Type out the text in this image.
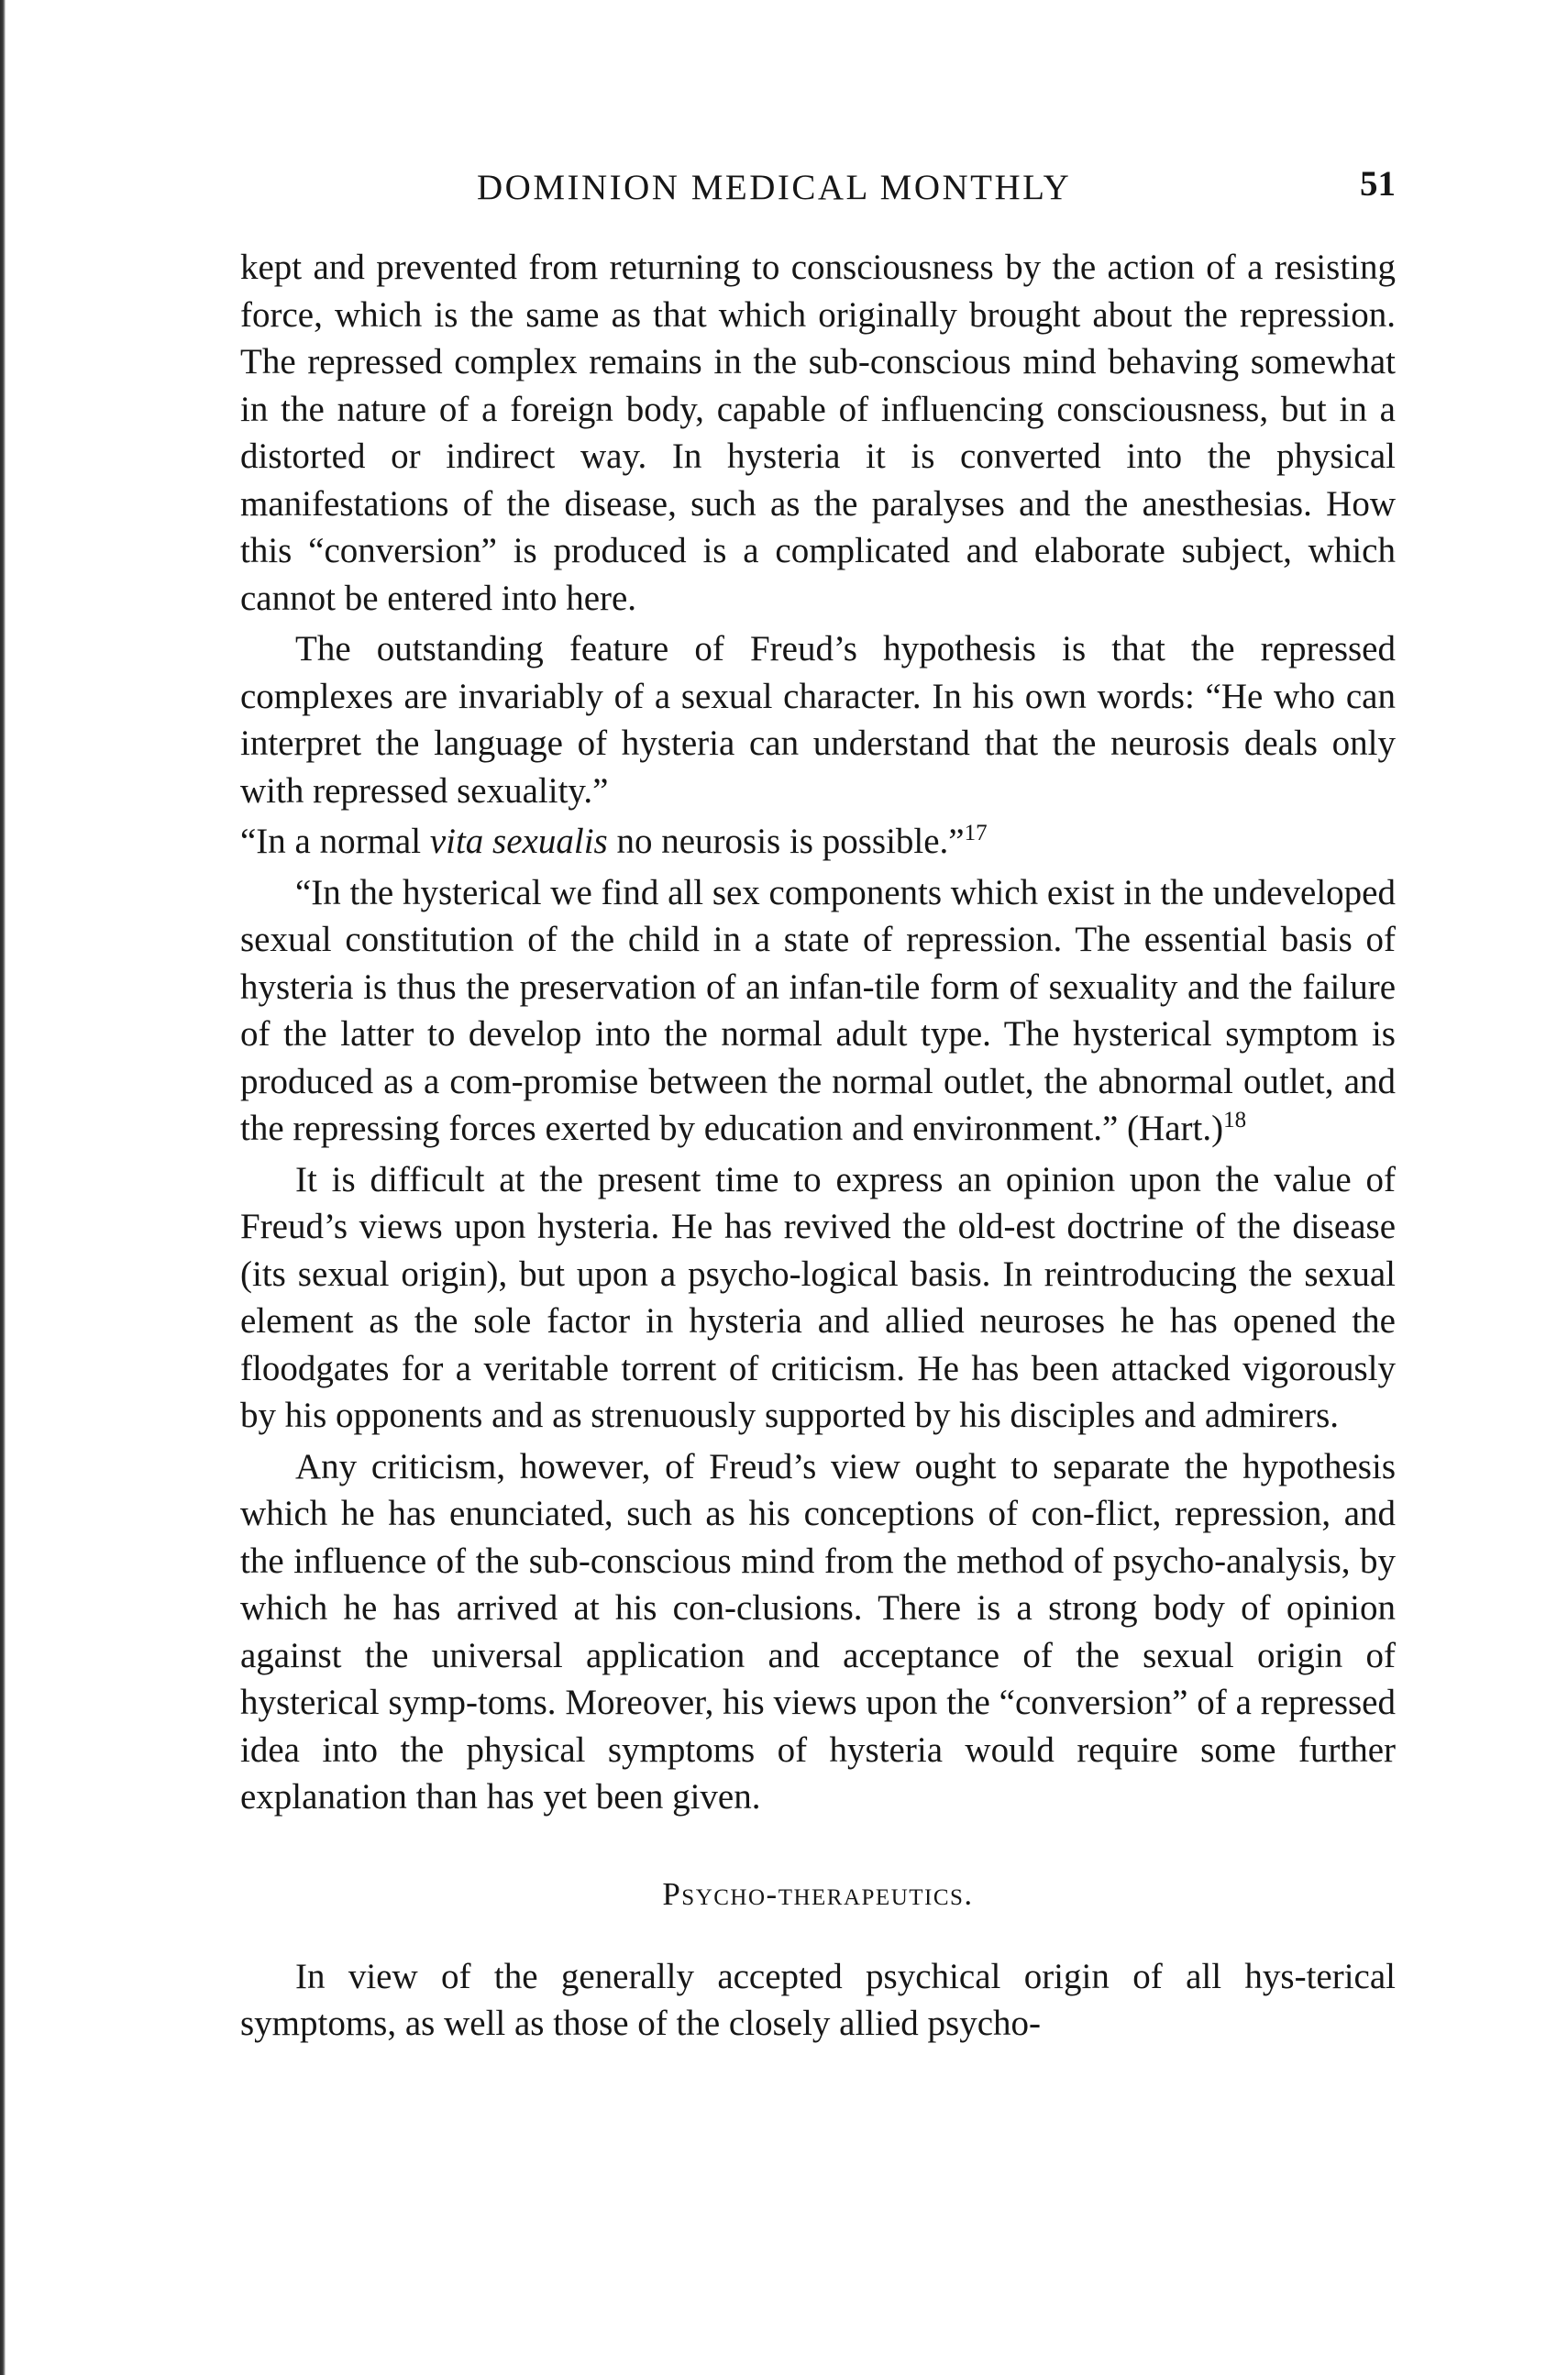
DOMINION MEDICAL MONTHLY	51

kept and prevented from returning to consciousness by the action of a resisting force, which is the same as that which originally brought about the repression. The repressed complex remains in the sub-conscious mind behaving somewhat in the nature of a foreign body, capable of influencing consciousness, but in a distorted or indirect way. In hysteria it is converted into the physical manifestations of the disease, such as the paralyses and the anesthesias. How this “conversion” is produced is a complicated and elaborate subject, which cannot be entered into here.

The outstanding feature of Freud’s hypothesis is that the repressed complexes are invariably of a sexual character. In his own words: “He who can interpret the language of hysteria can understand that the neurosis deals only with repressed sexuality.”

“In a normal vita sexualis no neurosis is possible.”$^{17}$

“In the hysterical we find all sex components which exist in the undeveloped sexual constitution of the child in a state of repression. The essential basis of hysteria is thus the preservation of an infan-tile form of sexuality and the failure of the latter to develop into the normal adult type. The hysterical symptom is produced as a com-promise between the normal outlet, the abnormal outlet, and the repressing forces exerted by education and environment.” (Hart.)$^{18}$

It is difficult at the present time to express an opinion upon the value of Freud’s views upon hysteria. He has revived the old-est doctrine of the disease (its sexual origin), but upon a psycho-logical basis. In reintroducing the sexual element as the sole factor in hysteria and allied neuroses he has opened the floodgates for a veritable torrent of criticism. He has been attacked vigorously by his opponents and as strenuously supported by his disciples and admirers.

Any criticism, however, of Freud’s view ought to separate the hypothesis which he has enunciated, such as his conceptions of con-flict, repression, and the influence of the sub-conscious mind from the method of psycho-analysis, by which he has arrived at his con-clusions. There is a strong body of opinion against the universal application and acceptance of the sexual origin of hysterical symp-toms. Moreover, his views upon the “conversion” of a repressed idea into the physical symptoms of hysteria would require some further explanation than has yet been given.

Psycho-therapeutics.

In view of the generally accepted psychical origin of all hys-terical symptoms, as well as those of the closely allied psycho-
